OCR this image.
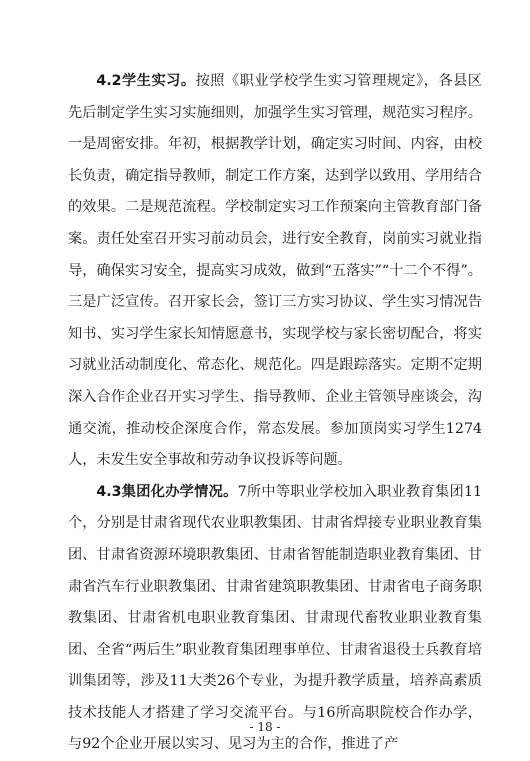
4.2学生实习。按照《职业学校学生实习管理规定》，各县区先后制定学生实习实施细则，加强学生实习管理，规范实习程序。一是周密安排。年初，根据教学计划，确定实习时间、内容，由校长负责，确定指导教师，制定工作方案，达到学以致用、学用结合的效果。二是规范流程。学校制定实习工作预案向主管教育部门备案。责任处室召开实习前动员会，进行安全教育，岗前实习就业指导，确保实习安全，提高实习成效，做到“五落实”“十二个不得”。三是广泛宣传。召开家长会，签订三方实习协议、学生实习情况告知书、实习学生家长知情愿意书，实现学校与家长密切配合，将实习就业活动制度化、常态化、规范化。四是跟踪落实。定期不定期深入合作企业召开实习学生、指导教师、企业主管领导座谈会，沟通交流，推动校企深度合作，常态发展。参加顶岗实习学生1274人，未发生安全事故和劳动争议投诉等问题。

4.3集团化办学情况。7所中等职业学校加入职业教育集团11个，分别是甘肃省现代农业职教集团、甘肃省焊接专业职业教育集团、甘肃省资源环境职教集团、甘肃省智能制造职业教育集团、甘肃省汽车行业职教集团、甘肃省建筑职教集团、甘肃省电子商务职教集团、甘肃省机电职业教育集团、甘肃现代畜牧业职业教育集团、全省“两后生”职业教育集团理事单位、甘肃省退役士兵教育培训集团等，涉及11大类26个专业，为提升教学质量，培养高素质技术技能人才搭建了学习交流平台。与16所高职院校合作办学，与92个企业开展以实习、见习为主的合作，推进了产

- 18 -
